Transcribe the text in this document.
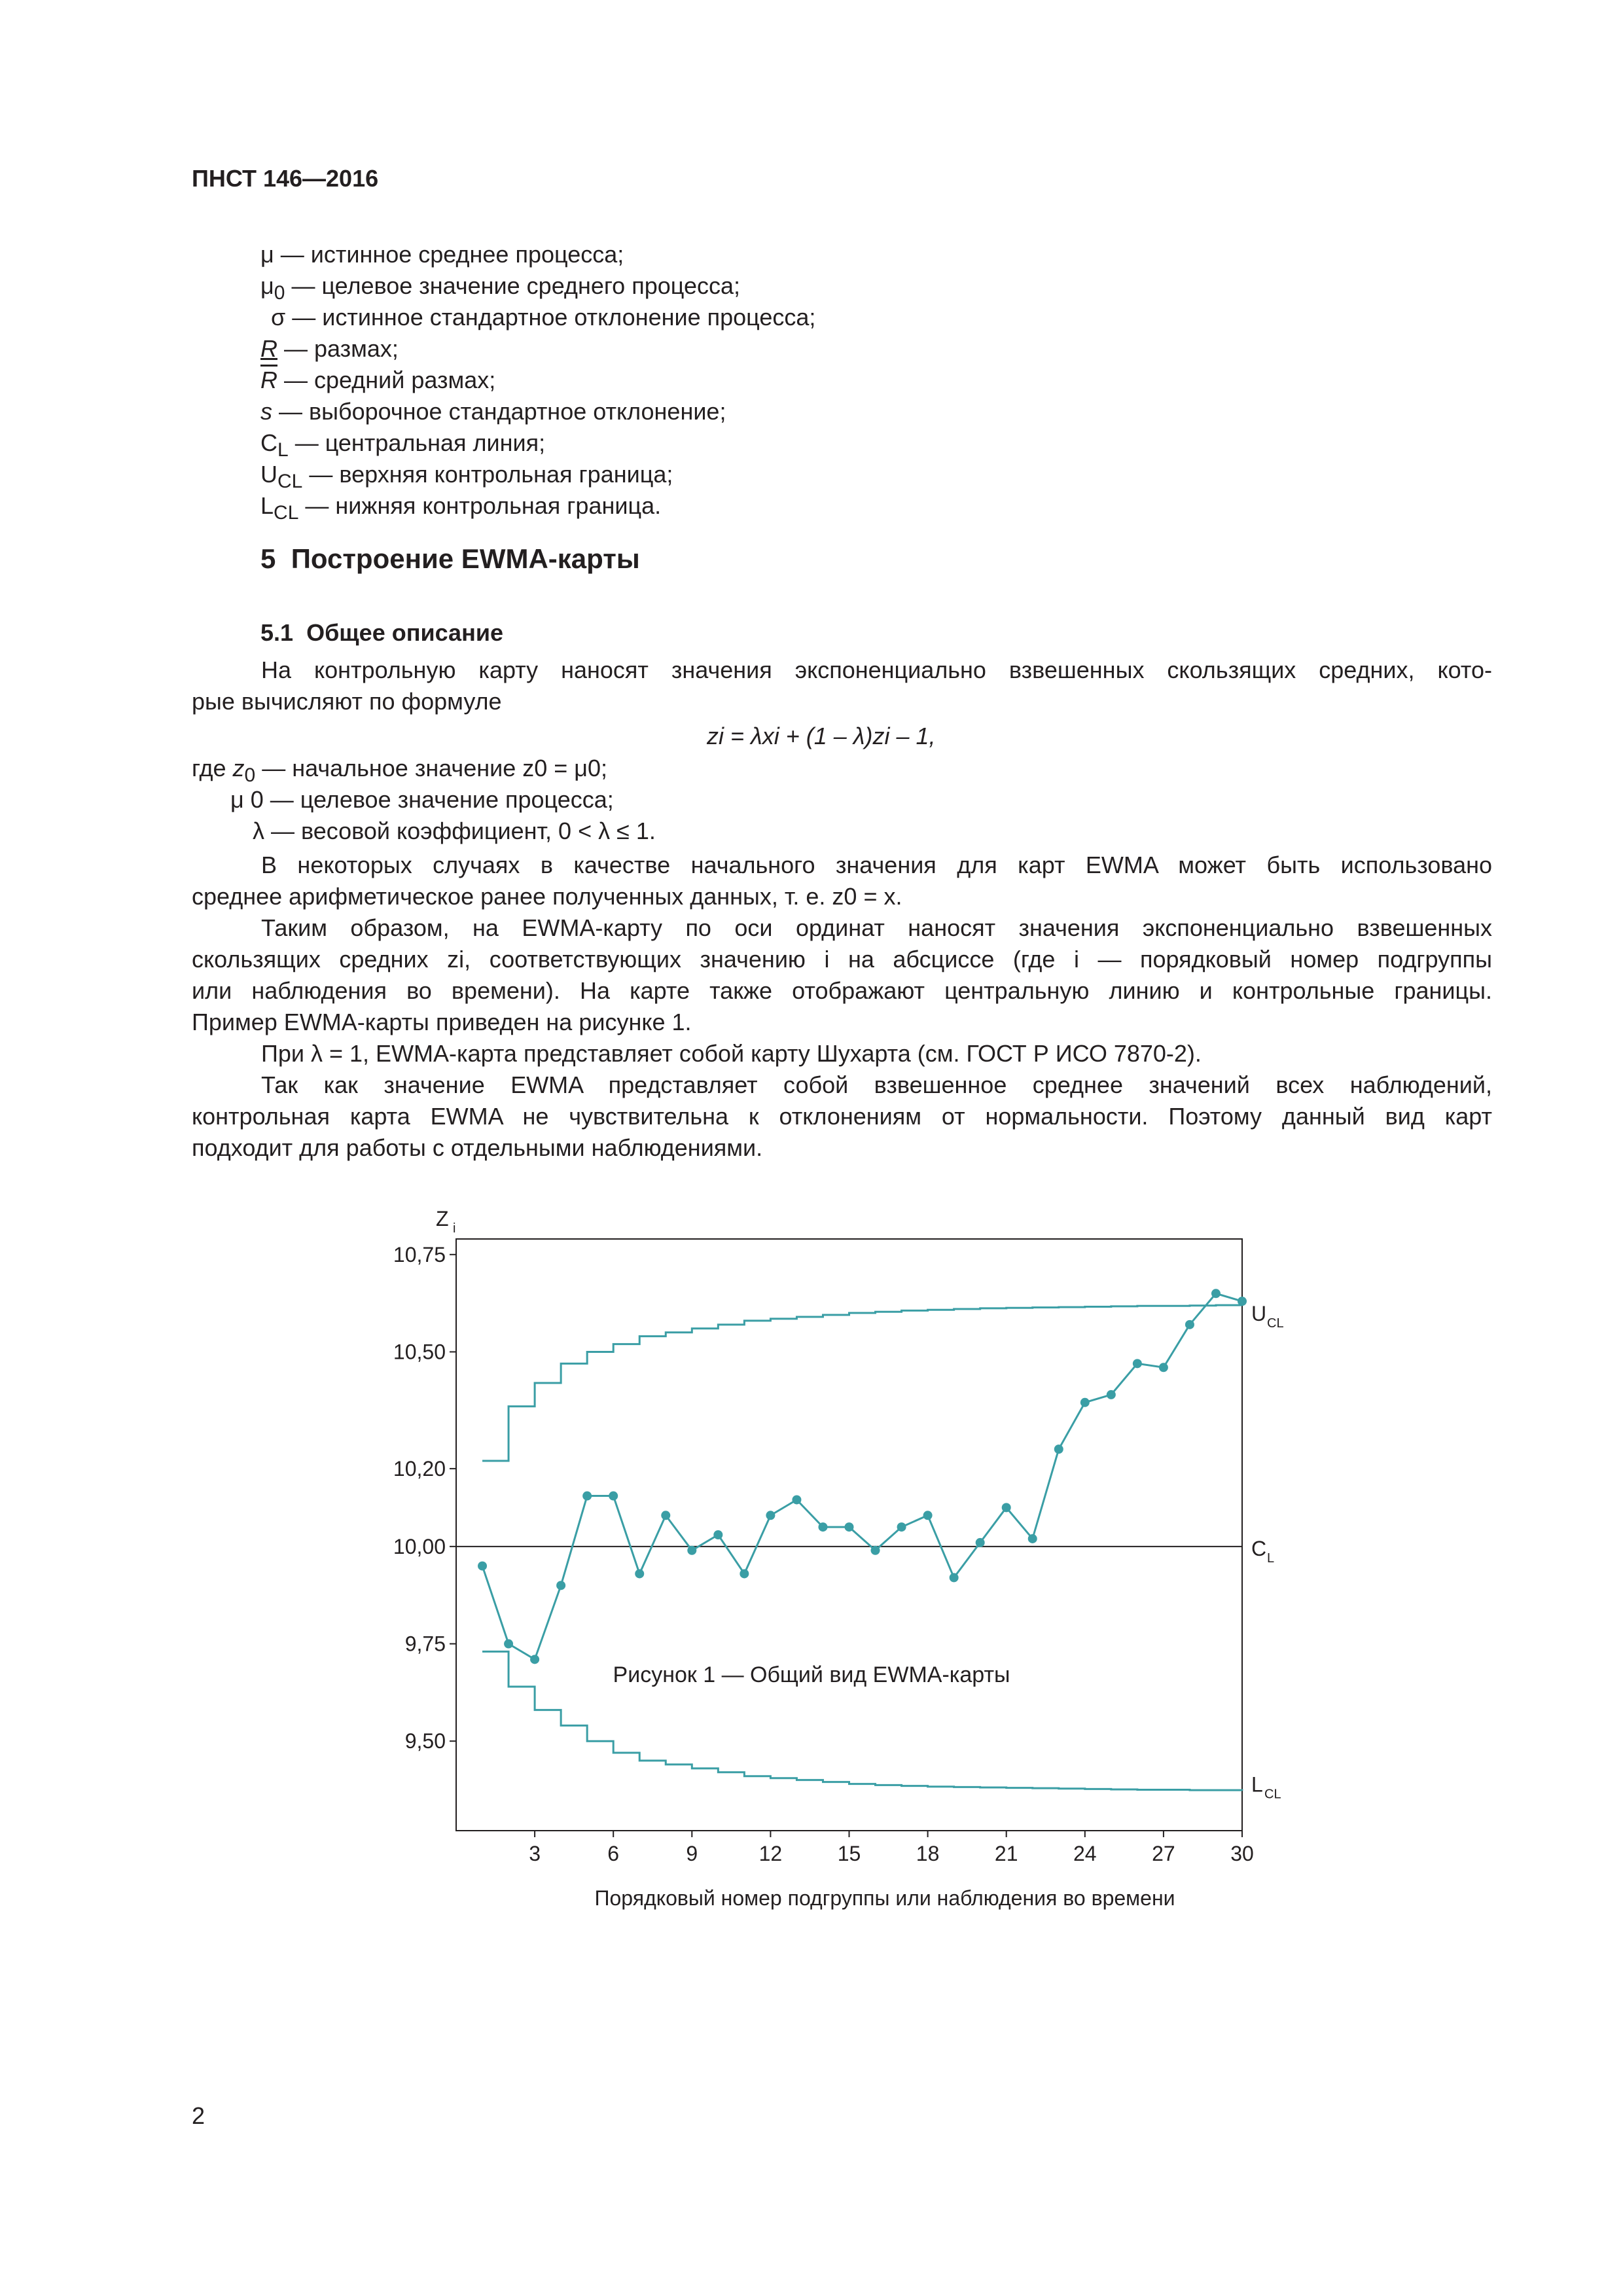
ПНСТ 146—2016
μ — истинное среднее процесса;
$\mu_0$ — целевое значение среднего процесса;
σ — истинное стандартное отклонение процесса;
R — размах;
$\overline{R}$ — средний размах;
s — выборочное стандартное отклонение;
$C_L$ — центральная линия;
$U_{CL}$ — верхняя контрольная граница;
$L_{CL}$ — нижняя контрольная граница.
5 Построение EWMA-карты
5.1 Общее описание
На контрольную карту наносят значения экспоненциально взвешенных скользящих средних, кото-
рые вычисляют по формуле
zi = λxi + (1 – λ)zi – 1,
где $z_0$ — начальное значение z0 = μ0;
μ 0 — целевое значение процесса;
λ — весовой коэффициент, 0 < λ ≤ 1.
В некоторых случаях в качестве начального значения для карт EWMA может быть использовано
среднее арифметическое ранее полученных данных, т. е. z0 = x.
Таким образом, на EWMA-карту по оси ординат наносят значения экспоненциально взвешенных
скользящих средних zi, соответствующих значению i на абсциссе (где i — порядковый номер подгруппы
или наблюдения во времени). На карте также отображают центральную линию и контрольные границы.
Пример EWMA-карты приведен на рисунке 1.
При λ = 1, EWMA-карта представляет собой карту Шухарта (см. ГОСТ Р ИСО 7870-2).
Так как значение EWMA представляет собой взвешенное среднее значений всех наблюдений,
контрольная карта EWMA не чувствительна к отклонениям от нормальности. Поэтому данный вид карт
подходит для работы с отдельными наблюдениями.
9,50
9,75
10,00
10,20
10,50
10,75
3	6	9	12	15	18	21	24	27	30
C L
U CL
L CL
Z i
Порядковый номер подгруппы или наблюдения во времени
Рисунок 1 — Общий вид EWMA-карты
2
